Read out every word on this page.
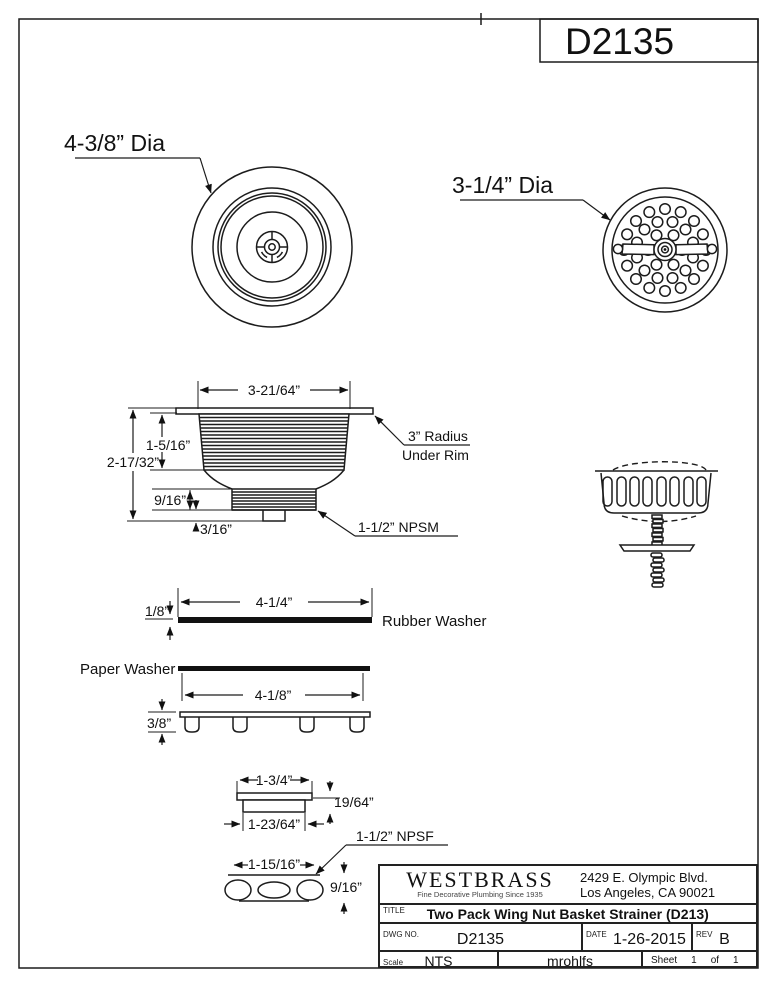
D2135
4-3/8” Dia
3-1/4” Dia
3-21/64”
1-5/16”
2-17/32”
9/16”
3/16”
3” Radius
Under Rim
1-1/2” NPSM
4-1/4”
1/8”
Rubber Washer
Paper Washer
4-1/8”
3/8”
1-3/4”
19/64”
1-23/64”
1-1/2” NPSF
1-15/16”
9/16”	WESTBRASS
Fine Decorative Plumbing Since 1935
2429 E. Olympic Blvd.
Los Angeles, CA 90021
TITLE Two Pack Wing Nut Basket Strainer (D213)
DWG NO.	D2135	DATE 1-26-2015	REV B
Scale	NTS	mrohlfs	Sheet 1 of 1
